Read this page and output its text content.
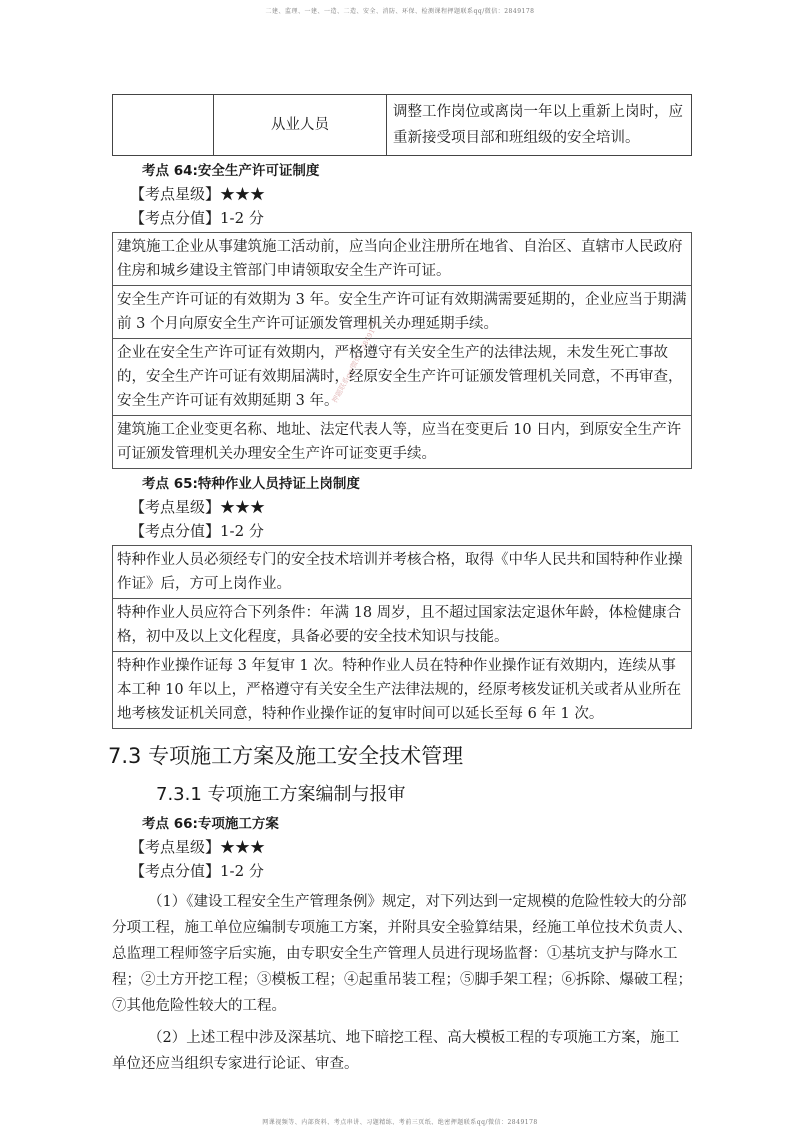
二建、监理、一建、一造、二造、安全、消防、环保、检测课程押题联系qq/微信：2849178
押题联系qq/微信：2849178
	从业人员	调整工作岗位或离岗一年以上重新上岗时，应重新接受项目部和班组级的安全培训。
考点 64:安全生产许可证制度
【考点星级】★★★
【考点分值】1-2 分
建筑施工企业从事建筑施工活动前，应当向企业注册所在地省、自治区、直辖市人民政府住房和城乡建设主管部门申请领取安全生产许可证。
安全生产许可证的有效期为 3 年。安全生产许可证有效期满需要延期的，企业应当于期满前 3 个月向原安全生产许可证颁发管理机关办理延期手续。
企业在安全生产许可证有效期内，严格遵守有关安全生产的法律法规，未发生死亡事故的，安全生产许可证有效期届满时，经原安全生产许可证颁发管理机关同意，不再审查，安全生产许可证有效期延期 3 年。
建筑施工企业变更名称、地址、法定代表人等，应当在变更后 10 日内，到原安全生产许可证颁发管理机关办理安全生产许可证变更手续。
考点 65:特种作业人员持证上岗制度
【考点星级】★★★
【考点分值】1-2 分
特种作业人员必须经专门的安全技术培训并考核合格，取得《中华人民共和国特种作业操作证》后，方可上岗作业。
特种作业人员应符合下列条件：年满 18 周岁，且不超过国家法定退休年龄，体检健康合格，初中及以上文化程度，具备必要的安全技术知识与技能。
特种作业操作证每 3 年复审 1 次。特种作业人员在特种作业操作证有效期内，连续从事本工种 10 年以上，严格遵守有关安全生产法律法规的，经原考核发证机关或者从业所在地考核发证机关同意，特种作业操作证的复审时间可以延长至每 6 年 1 次。
7.3 专项施工方案及施工安全技术管理
7.3.1 专项施工方案编制与报审
考点 66:专项施工方案
【考点星级】★★★
【考点分值】1-2 分

（1）《建设工程安全生产管理条例》规定，对下列达到一定规模的危险性较大的分部分项工程，施工单位应编制专项施工方案，并附具安全验算结果，经施工单位技术负责人、总监理工程师签字后实施，由专职安全生产管理人员进行现场监督：①基坑支护与降水工程；②土方开挖工程；③模板工程；④起重吊装工程；⑤脚手架工程；⑥拆除、爆破工程；⑦其他危险性较大的工程。

（2）上述工程中涉及深基坑、地下暗挖工程、高大模板工程的专项施工方案，施工单位还应当组织专家进行论证、审查。

网课视频等、内部资料、考点串讲、习题精练、考前三页纸、绝密押题联系qq/微信：2849178
